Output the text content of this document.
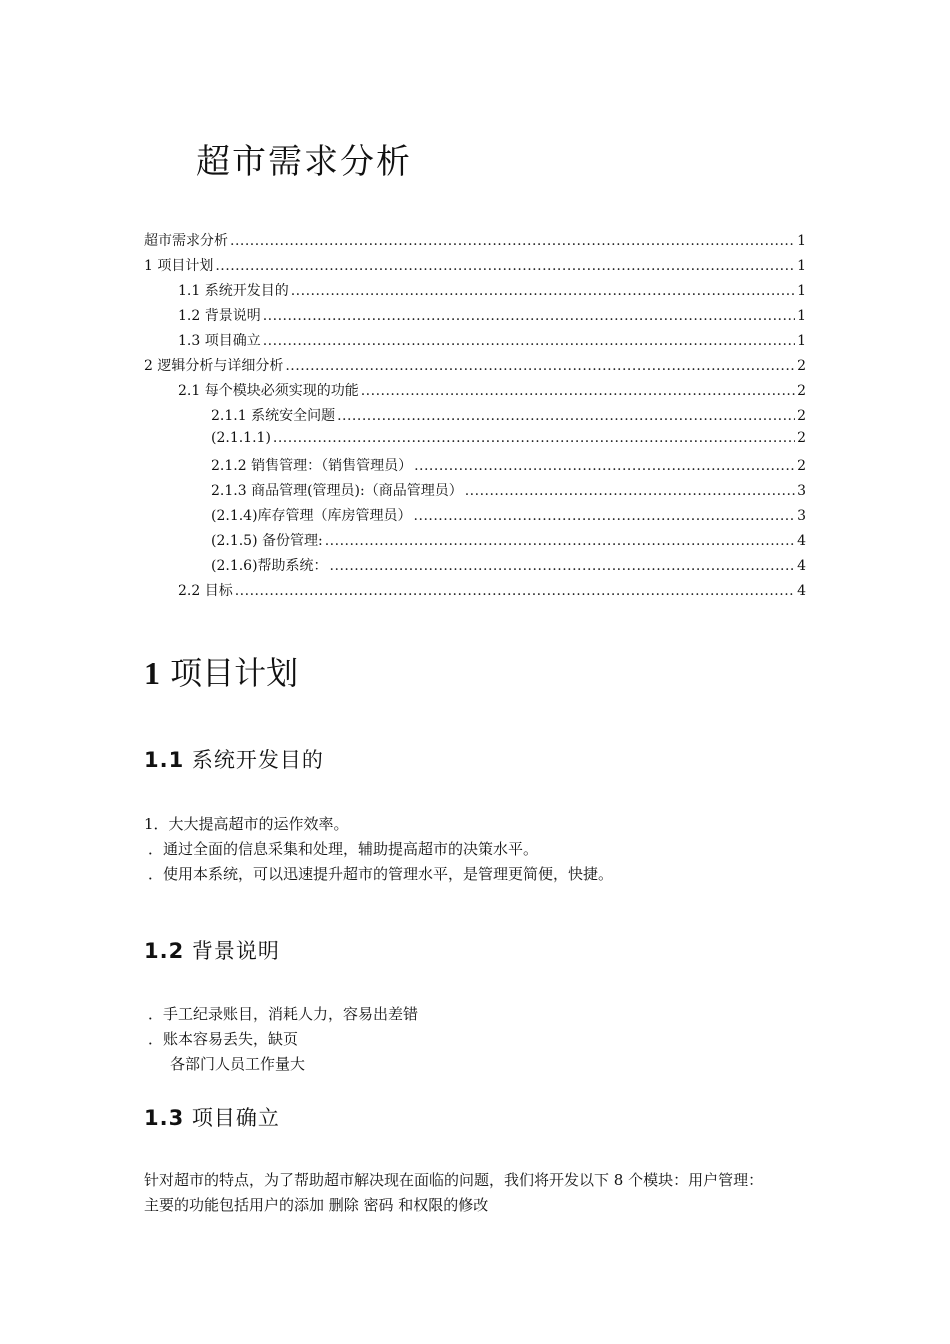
超市需求分析
超市需求分析 .....	1
1 项目计划 .....	1
1.1 系统开发目的 .....	1
1.2 背景说明 .....	1
1.3 项目确立 .....	1
2 逻辑分析与详细分析 .....	2
2.1 每个模块必须实现的功能 .....	2
2.1.1 系统安全问题 .....	2
(2.1.1.1) .....	2
2.1.2 销售管理：（销售管理员） .....	2
2.1.3 商品管理(管理员):（商品管理员） .....	3
(2.1.4)库存管理（库房管理员） .....	3
(2.1.5) 备份管理: .....	4
(2.1.6)帮助系统： .....	4
2.2 目标 .....	4
1 项目计划
1.1 系统开发目的
1．大大提高超市的运作效率。
．通过全面的信息采集和处理，辅助提高超市的决策水平。
．使用本系统，可以迅速提升超市的管理水平，是管理更简便，快捷。
1.2 背景说明
．手工纪录账目，消耗人力，容易出差错
．账本容易丢失，缺页
各部门人员工作量大
1.3 项目确立
针对超市的特点，为了帮助超市解决现在面临的问题，我们将开发以下 8 个模块：用户管理：
主要的功能包括用户的添加 删除 密码 和权限的修改
